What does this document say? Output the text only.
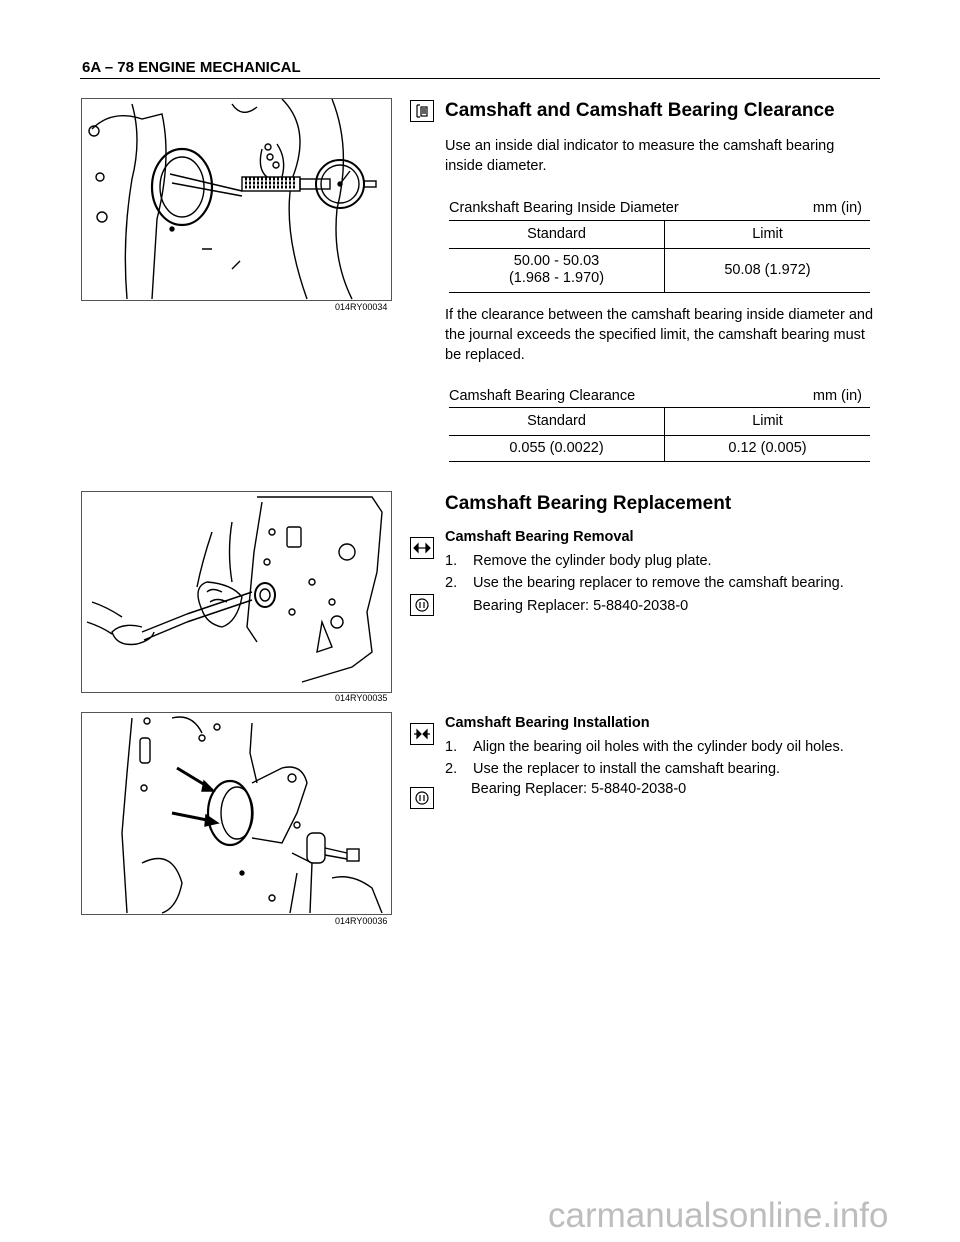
6A – 78 ENGINE MECHANICAL
014RY00034
Camshaft and Camshaft Bearing Clearance
Use an inside dial indicator to measure the camshaft bearing inside diameter.
Crankshaft Bearing Inside Diameter	mm (in)
Standard	Limit

50.00 - 50.03
(1.968 - 1.970)	50.08 (1.972)
If the clearance between the camshaft bearing inside diameter and the journal exceeds the specified limit, the camshaft bearing must be replaced.
Camshaft Bearing Clearance	mm (in)
Standard	Limit
0.055 (0.0022)	0.12 (0.005)
014RY00035
Camshaft Bearing Replacement
Camshaft Bearing Removal
1. Remove the cylinder body plug plate.
2. Use the bearing replacer to remove the camshaft bearing.
Bearing Replacer: 5-8840-2038-0
014RY00036
Camshaft Bearing Installation
1. Align the bearing oil holes with the cylinder body oil holes.
2. Use the replacer to install the camshaft bearing.
Bearing Replacer: 5-8840-2038-0
carmanualsonline.info
